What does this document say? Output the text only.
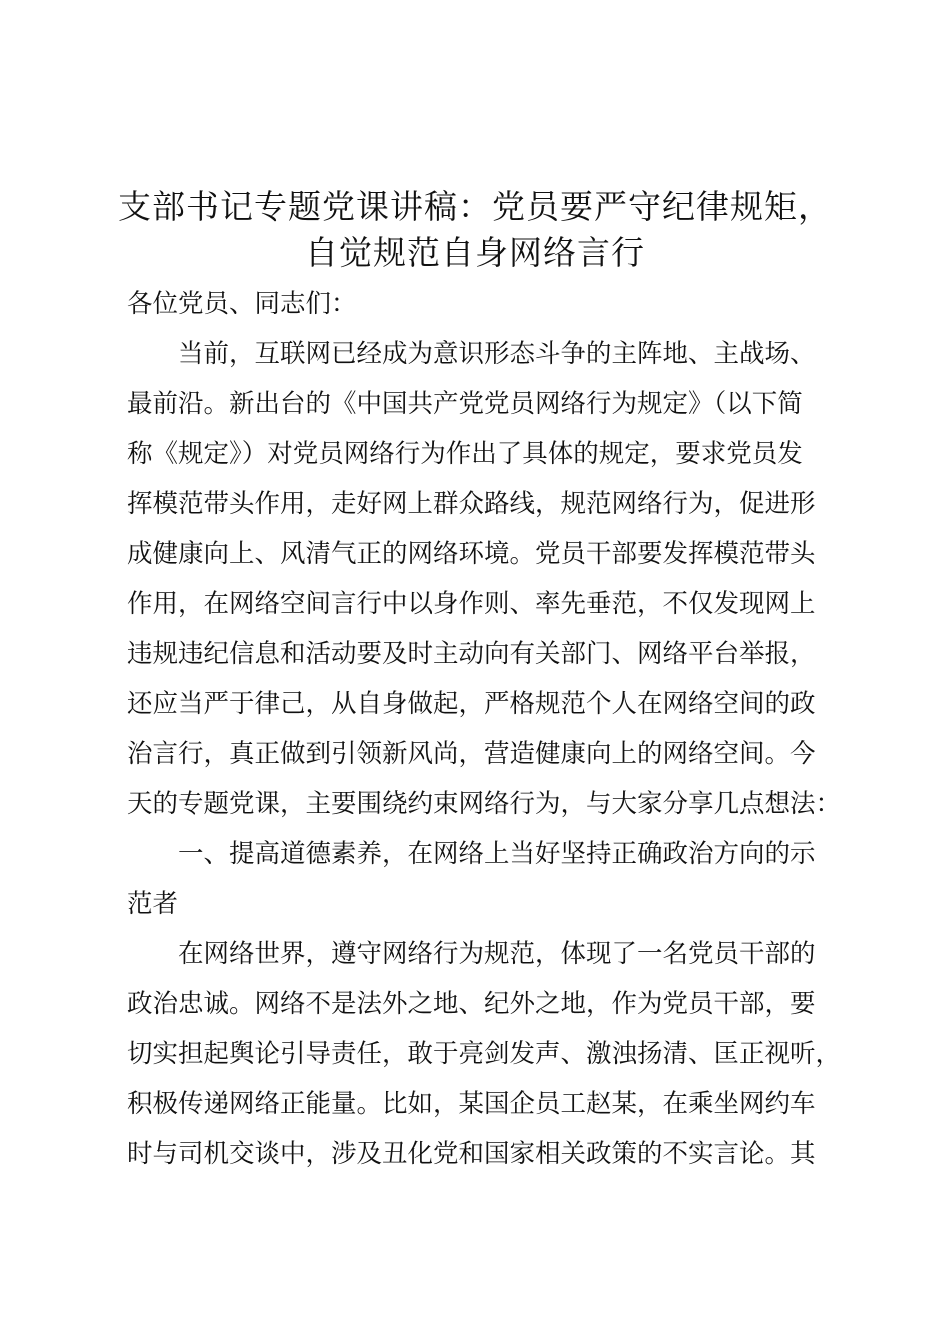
支部书记专题党课讲稿：党员要严守纪律规矩，
自觉规范自身网络言行

各位党员、同志们：

当前，互联网已经成为意识形态斗争的主阵地、主战场、

最前沿。新出台的《中国共产党党员网络行为规定》（以下简

称《规定》）对党员网络行为作出了具体的规定，要求党员发

挥模范带头作用，走好网上群众路线，规范网络行为，促进形

成健康向上、风清气正的网络环境。党员干部要发挥模范带头

作用，在网络空间言行中以身作则、率先垂范，不仅发现网上

违规违纪信息和活动要及时主动向有关部门、网络平台举报，

还应当严于律己，从自身做起，严格规范个人在网络空间的政

治言行，真正做到引领新风尚，营造健康向上的网络空间。今

天的专题党课，主要围绕约束网络行为，与大家分享几点想法：

一、提高道德素养，在网络上当好坚持正确政治方向的示

范者

在网络世界，遵守网络行为规范，体现了一名党员干部的

政治忠诚。网络不是法外之地、纪外之地，作为党员干部，要

切实担起舆论引导责任，敢于亮剑发声、激浊扬清、匡正视听，

积极传递网络正能量。比如，某国企员工赵某，在乘坐网约车

时与司机交谈中，涉及丑化党和国家相关政策的不实言论。其
